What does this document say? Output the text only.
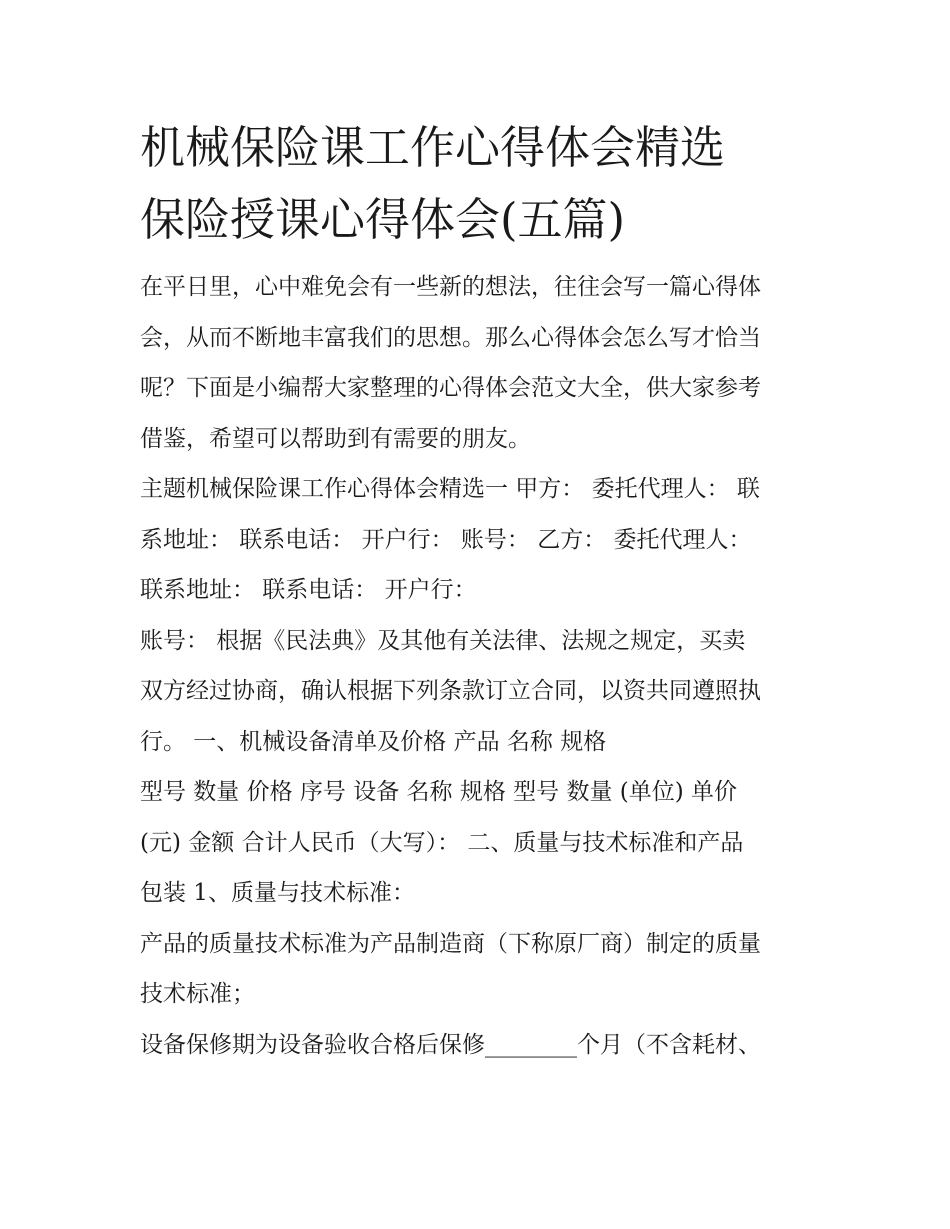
机械保险课工作心得体会精选
保险授课心得体会(五篇)

在平日里，心中难免会有一些新的想法，往往会写一篇心得体
会，从而不断地丰富我们的思想。那么心得体会怎么写才恰当
呢？下面是小编帮大家整理的心得体会范文大全，供大家参考
借鉴，希望可以帮助到有需要的朋友。

主题机械保险课工作心得体会精选一 甲方： 委托代理人： 联
系地址： 联系电话： 开户行： 账号： 乙方： 委托代理人：
联系地址： 联系电话： 开户行：

账号： 根据《民法典》及其他有关法律、法规之规定，买卖
双方经过协商，确认根据下列条款订立合同，以资共同遵照执
行。 一、机械设备清单及价格 产品 名称 规格

型号 数量 价格 序号 设备 名称 规格 型号 数量 (单位) 单价
(元) 金额 合计人民币（大写）： 二、质量与技术标准和产品
包装 1、质量与技术标准：

产品的质量技术标准为产品制造商（下称原厂商）制定的质量
技术标准；

设备保修期为设备验收合格后保修________个月（不含耗材、
